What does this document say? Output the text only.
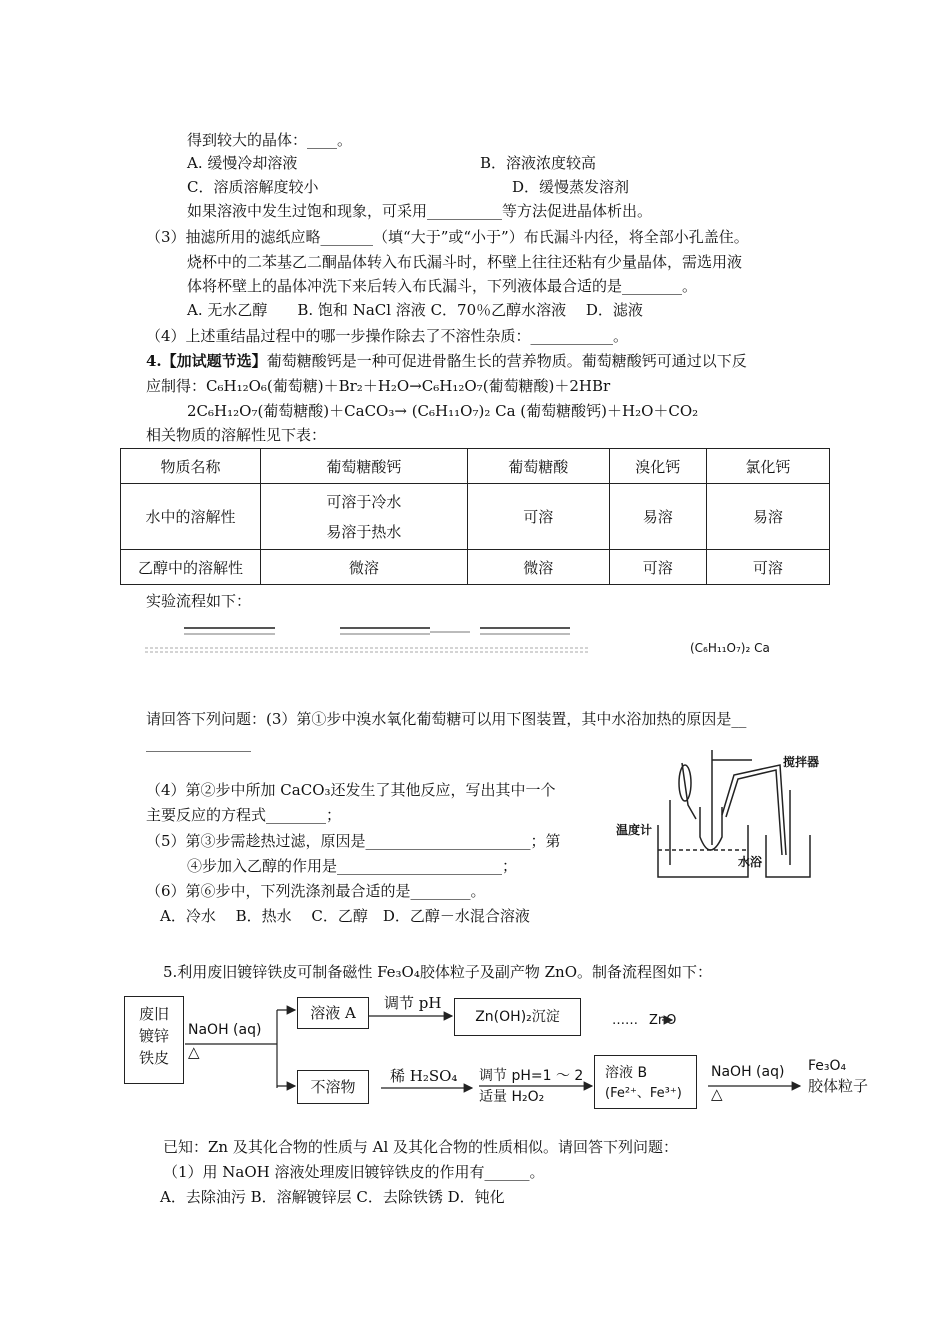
得到较大的晶体：____。
A. 缓慢冷却溶液	B．溶液浓度较高
C．溶质溶解度较小	D．缓慢蒸发溶剂
如果溶液中发生过饱和现象，可采用__________等方法促进晶体析出。
（3）抽滤所用的滤纸应略_______（填“大于”或“小于”）布氏漏斗内径，将全部小孔盖住。
烧杯中的二苯基乙二酮晶体转入布氏漏斗时，杯壁上往往还粘有少量晶体，需选用液
体将杯壁上的晶体冲洗下来后转入布氏漏斗，下列液体最合适的是________。
A. 无水乙醇　　B. 饱和 NaCl 溶液 C．70％乙醇水溶液　 D．滤液
（4）上述重结晶过程中的哪一步操作除去了不溶性杂质：___________。
4.【加试题节选】葡萄糖酸钙是一种可促进骨骼生长的营养物质。葡萄糖酸钙可通过以下反
应制得：C₆H₁₂O₆(葡萄糖)＋Br₂＋H₂O→C₆H₁₂O₇(葡萄糖酸)＋2HBr
2C₆H₁₂O₇(葡萄糖酸)＋CaCO₃→ (C₆H₁₁O₇)₂ Ca (葡萄糖酸钙)＋H₂O＋CO₂
相关物质的溶解性见下表：
物质名称	葡萄糖酸钙	葡萄糖酸	溴化钙	氯化钙
水中的溶解性	可溶于冷水
易溶于热水	可溶	易溶	易溶
乙醇中的溶解性	微溶	微溶	可溶	可溶
实验流程如下：
(C₆H₁₁O₇)₂ Ca
请回答下列问题：(3）第①步中溴水氧化葡萄糖可以用下图装置，其中水浴加热的原因是__
______________
（4）第②步中所加 CaCO₃还发生了其他反应，写出其中一个
主要反应的方程式________；
（5）第③步需趁热过滤，原因是______________________；第
④步加入乙醇的作用是______________________；
（6）第⑥步中，下列洗涤剂最合适的是________。
A．冷水　 B．热水　 C．乙醇　D．乙醇－水混合溶液
搅拌器
温度计
水浴
5.利用废旧镀锌铁皮可制备磁性 Fe₃O₄胶体粒子及副产物 ZnO。制备流程图如下：
废旧
镀锌
铁皮
NaOH (aq)
△
溶液 A
调节 pH
Zn(OH)₂沉淀	…… ZnO
不溶物
稀 H₂SO₄ 调节 pH=1 ～ 2
适量 H₂O₂
溶液 B
(Fe²⁺、Fe³⁺)
NaOH (aq)
△
Fe₃O₄
胶体粒子
已知：Zn 及其化合物的性质与 Al 及其化合物的性质相似。请回答下列问题：
（1）用 NaOH 溶液处理废旧镀锌铁皮的作用有______。
A．去除油污 B．溶解镀锌层 C．去除铁锈 D．钝化
